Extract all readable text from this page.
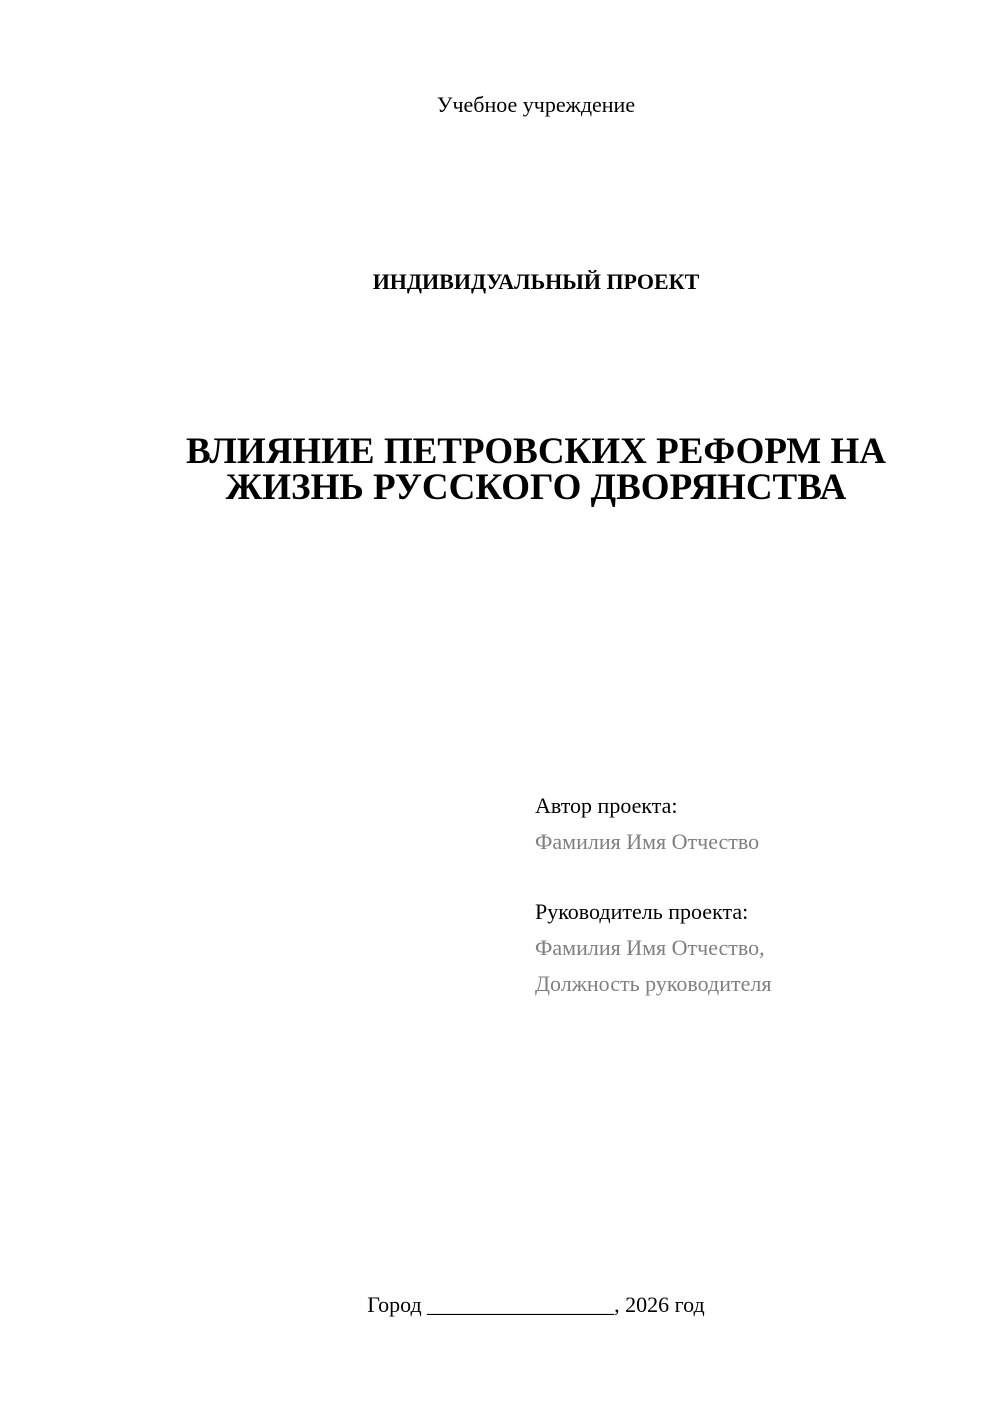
Учебное учреждение
ИНДИВИДУАЛЬНЫЙ ПРОЕКТ
ВЛИЯНИЕ ПЕТРОВСКИХ РЕФОРМ НА
ЖИЗНЬ РУССКОГО ДВОРЯНСТВА
Автор проекта:
Фамилия Имя Отчество
Руководитель проекта:
Фамилия Имя Отчество,
Должность руководителя
Город _________________, 2026 год
